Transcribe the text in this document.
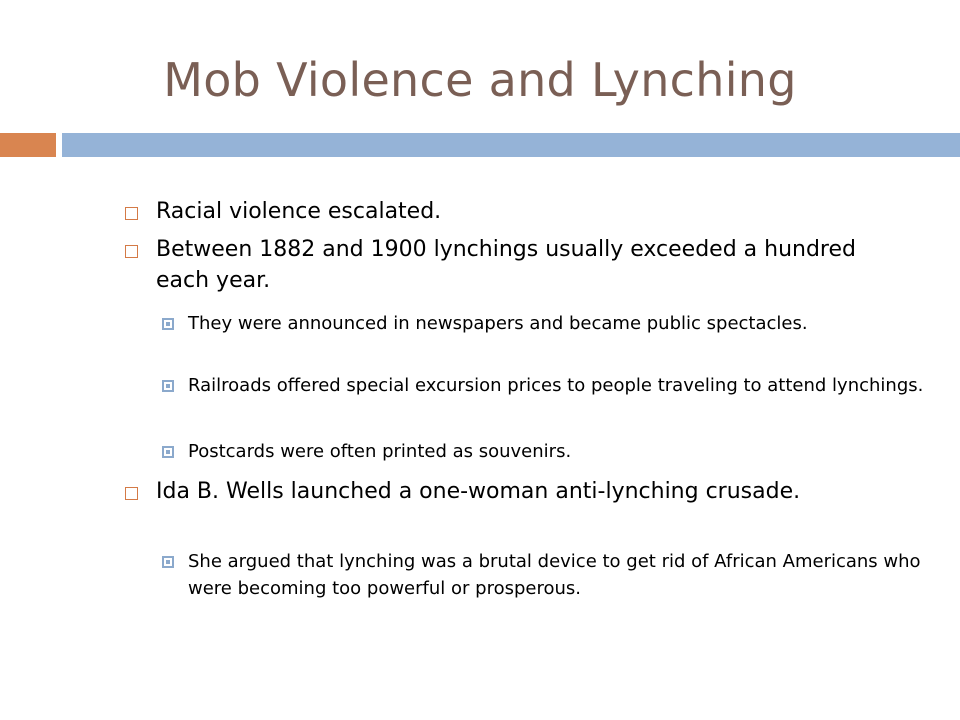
Mob Violence and Lynching

Racial violence escalated.

Between 1882 and 1900 lynchings usually exceeded a hundred each year.

They were announced in newspapers and became public spectacles.

Railroads offered special excursion prices to people traveling to attend lynchings.

Postcards were often printed as souvenirs.

Ida B. Wells launched a one-woman anti-lynching crusade.

She argued that lynching was a brutal device to get rid of African Americans who were becoming too powerful or prosperous.
